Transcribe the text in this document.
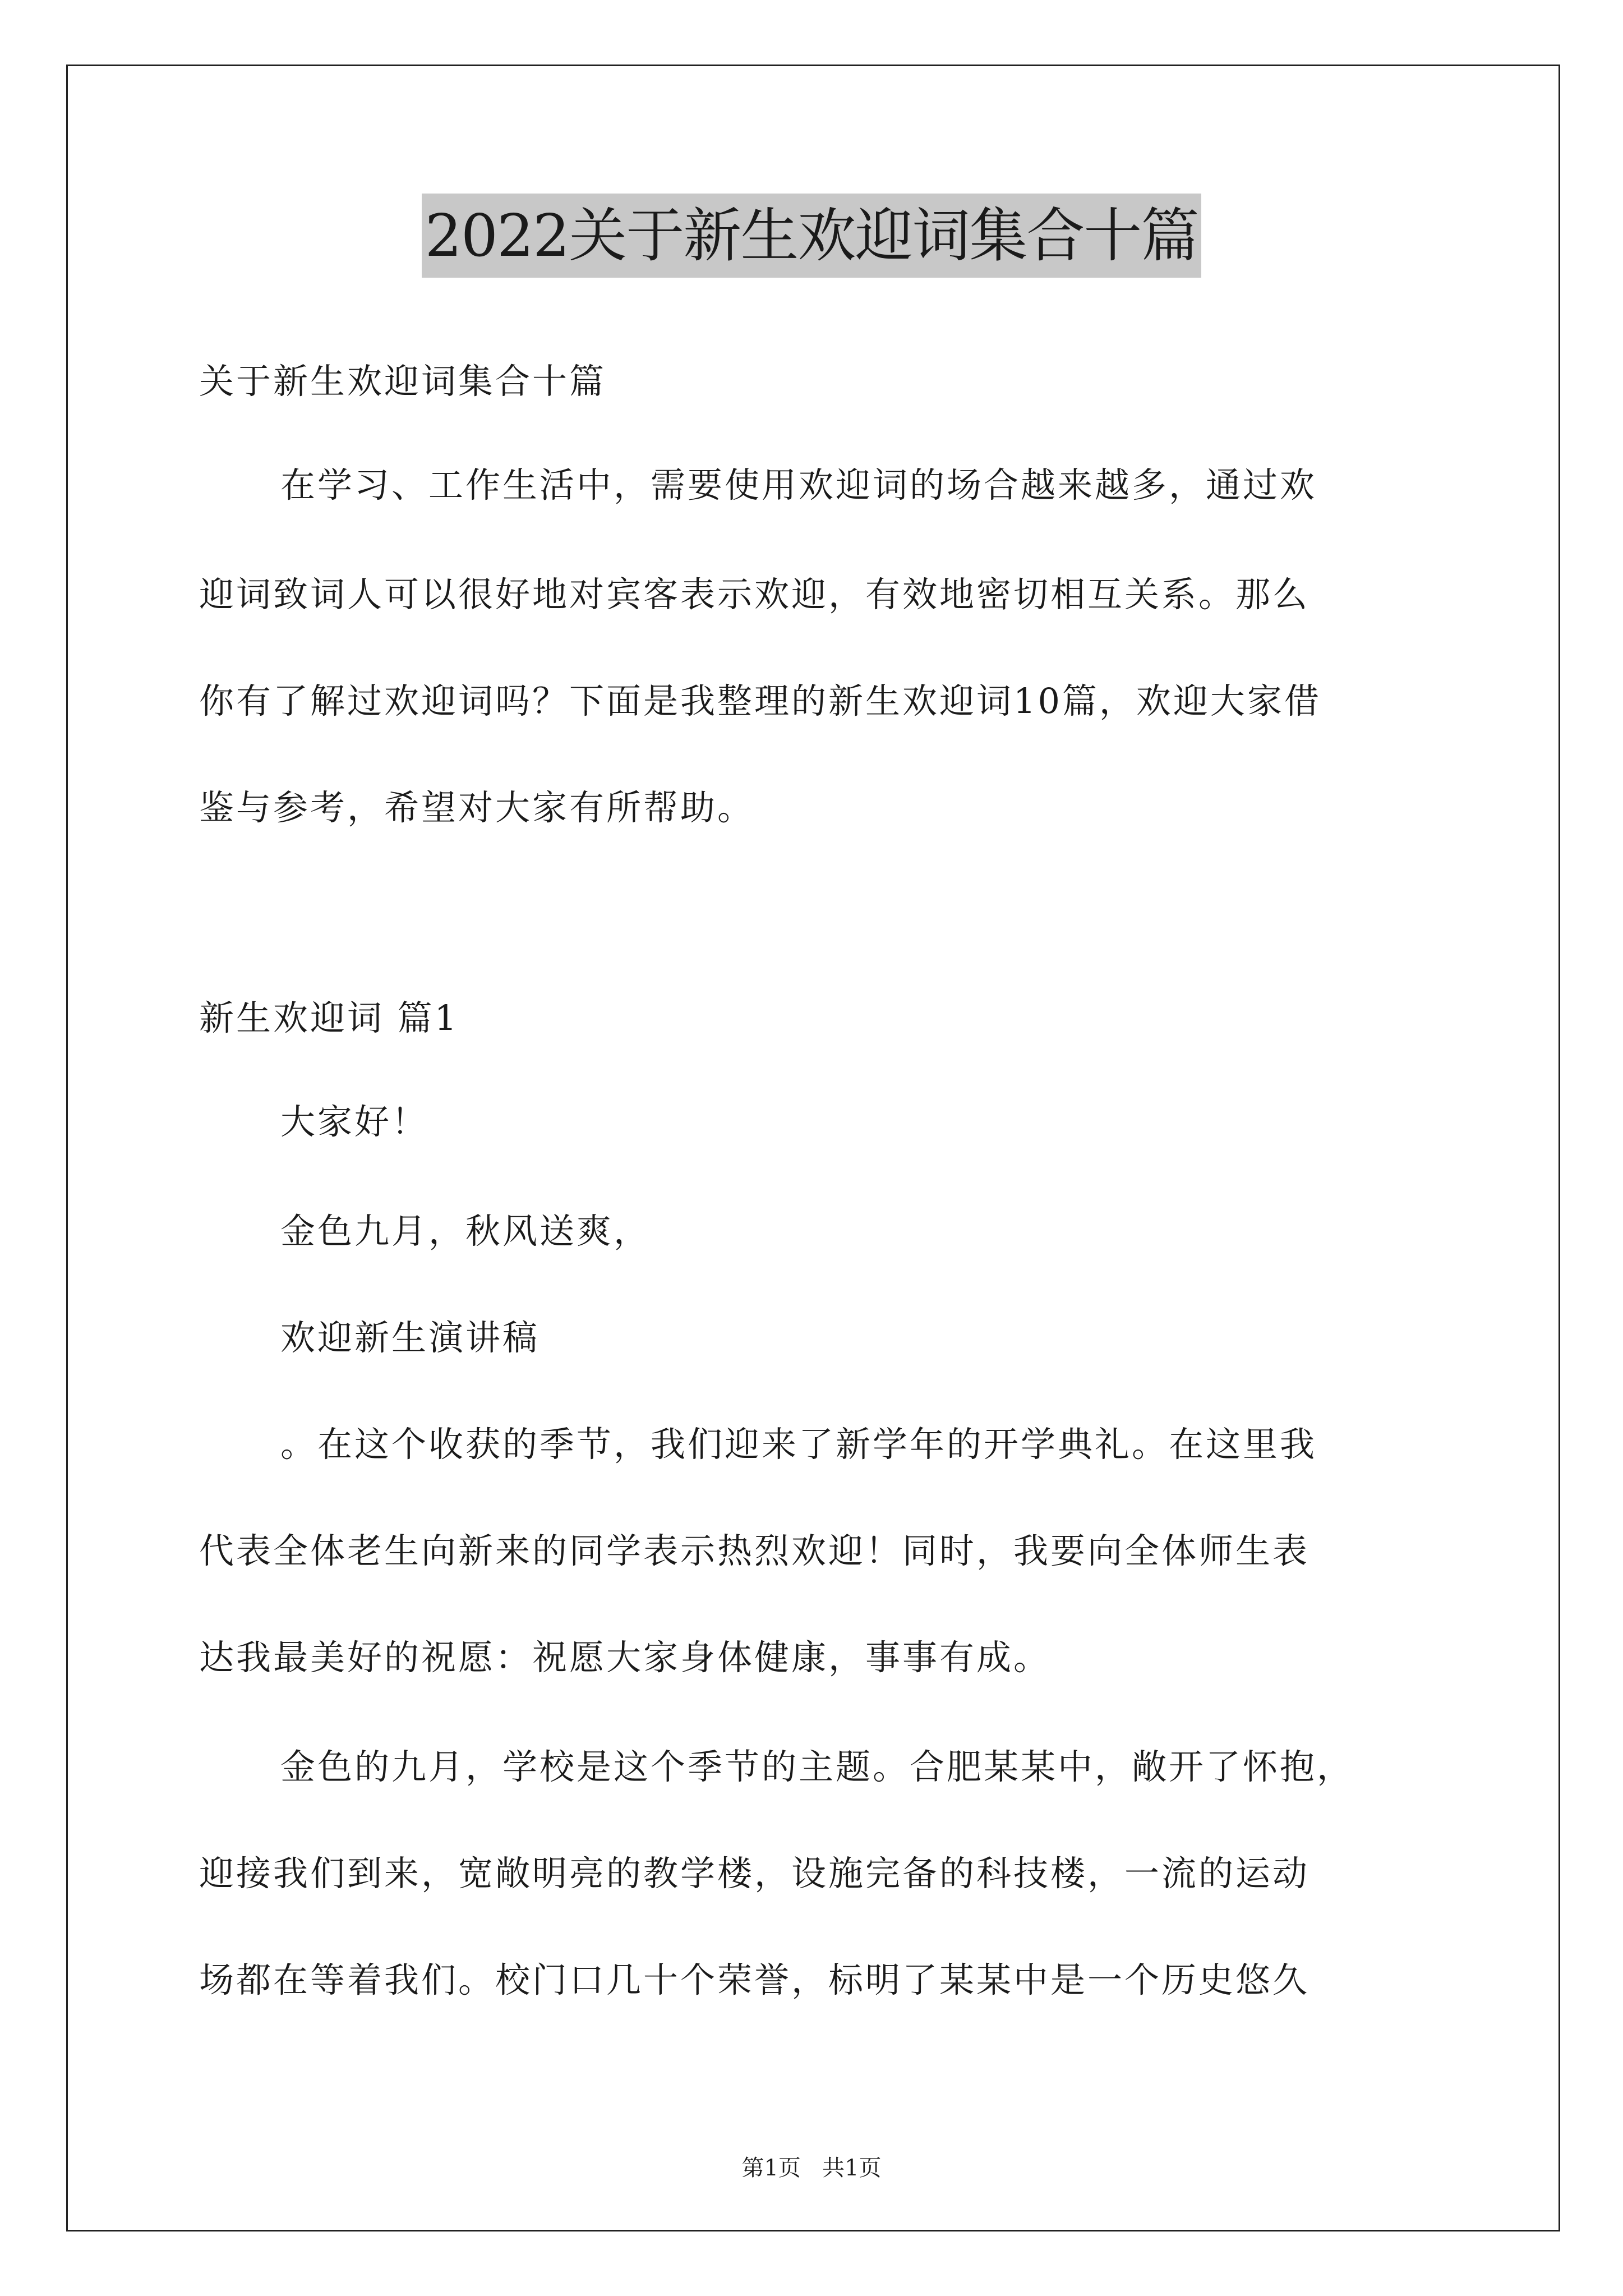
2022关于新生欢迎词集合十篇
关于新生欢迎词集合十篇
在学习、工作生活中，需要使用欢迎词的场合越来越多，通过欢
迎词致词人可以很好地对宾客表示欢迎，有效地密切相互关系。那么
你有了解过欢迎词吗？下面是我整理的新生欢迎词10篇，欢迎大家借
鉴与参考，希望对大家有所帮助。
新生欢迎词 篇1
大家好！
金色九月，秋风送爽，
欢迎新生演讲稿
。在这个收获的季节，我们迎来了新学年的开学典礼。在这里我
代表全体老生向新来的同学表示热烈欢迎！同时，我要向全体师生表
达我最美好的祝愿：祝愿大家身体健康，事事有成。
金色的九月，学校是这个季节的主题。合肥某某中，敞开了怀抱，
迎接我们到来，宽敞明亮的教学楼，设施完备的科技楼，一流的运动
场都在等着我们。校门口几十个荣誉，标明了某某中是一个历史悠久
第1页   共1页
